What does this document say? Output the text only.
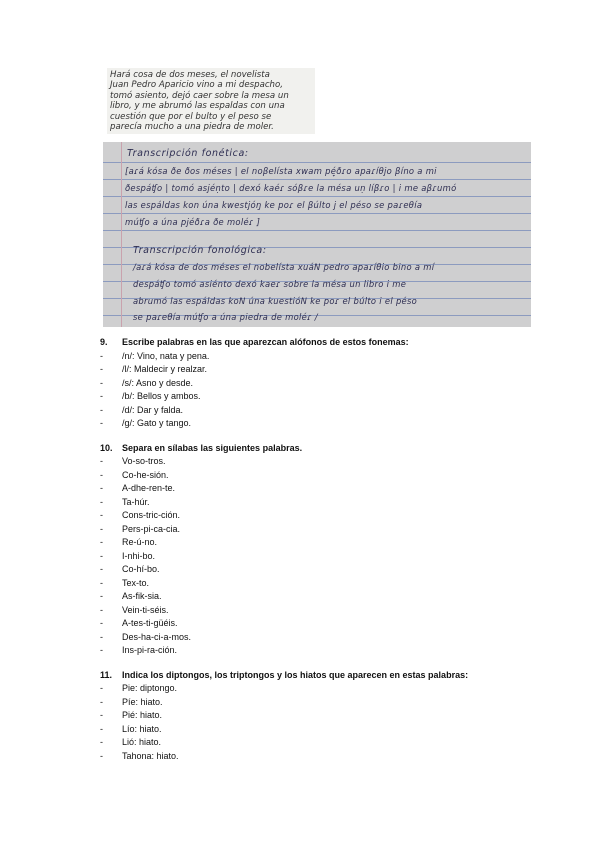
Hará cosa de dos meses, el novelista
Juan Pedro Aparicio vino a mi despacho,
tomó asiento, dejó caer sobre la mesa un
libro, y me abrumó las espaldas con una
cuestión que por el bulto y el peso se
parecía mucho a una piedra de moler.
Transcripción fonética:
[aɾá kósa ðe ðos méses | el noβelísta xwam pé̞ðɾo apaɾíθjo βíno a mi
ðespáʧo | tomó asjéṇto | dexó kaéɾ sóβɾe la mésa uṇ líβɾo | i me aβɾumó
las espáldas kon úna kwestjóŋ ke poɾ el βúlto j el péso se paɾeθía
múʧo a úna pjéðɾa ðe moléɾ ]
Transcripción fonológica:
/aɾá kósa de dos méses el nobelísta xuáN pedro apaɾíθio bino a mí
despáʧo tomó asiénto dexó kaeɾ sobre la mésa un libro i me
abrumó las espáldas koN úna kuestióN ke poɾ el búlto i el péso
se paɾeθía múʧo a úna piedra de moléɾ /
9.	Escribe palabras en las que aparezcan alófonos de estos fonemas:
-	/n/: Vino, nata y pena.
-	/l/: Maldecir y realzar.
-	/s/: Asno y desde.
-	/b/: Bellos y ambos.
-	/d/: Dar y falda.
-	/g/: Gato y tango.
10.	Separa en sílabas las siguientes palabras.
-	Vo-so-tros.
-	Co-he-sión.
-	A-dhe-ren-te.
-	Ta-húr.
-	Cons-tric-ción.
-	Pers-pi-ca-cia.
-	Re-ú-no.
-	I-nhi-bo.
-	Co-hí-bo.
-	Tex-to.
-	As-fik-sia.
-	Vein-ti-séis.
-	A-tes-ti-güéis.
-	Des-ha-ci-a-mos.
-	Ins-pi-ra-ción.
11.	Indica los diptongos, los triptongos y los hiatos que aparecen en estas palabras:
-	Pie: diptongo.
-	Píe: hiato.
-	Pié: hiato.
-	Lío: hiato.
-	Lió: hiato.
-	Tahona: hiato.
